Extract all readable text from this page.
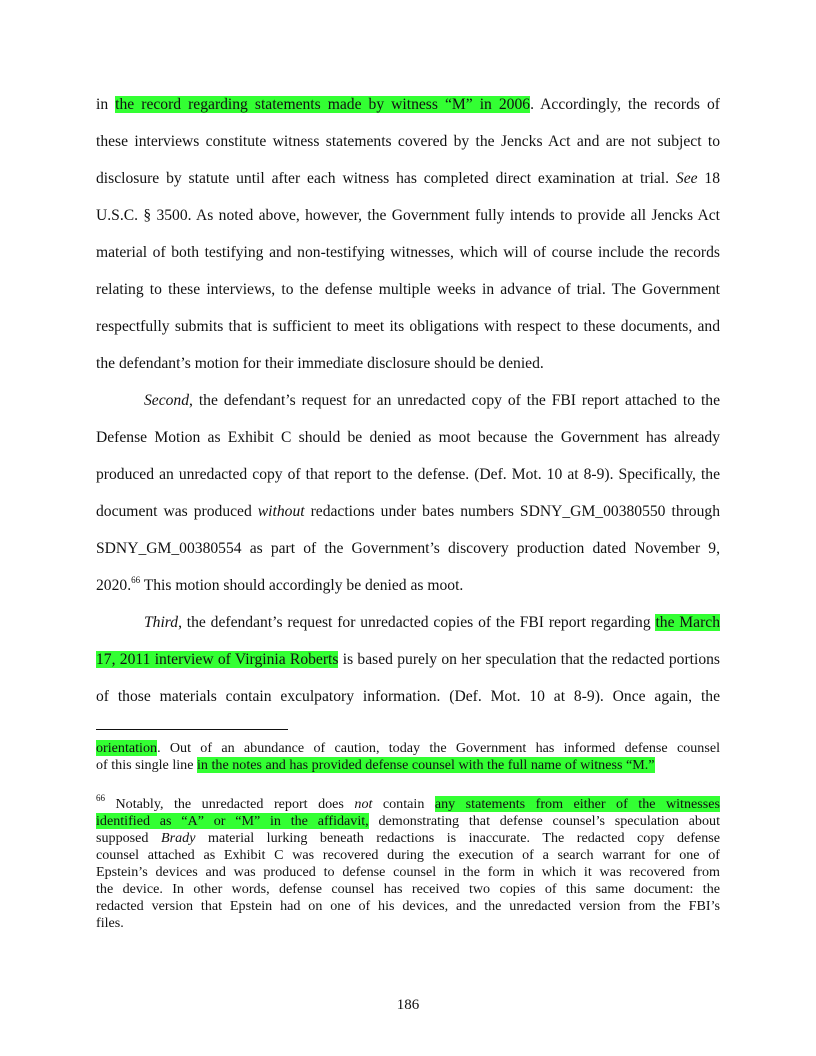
in the record regarding statements made by witness “M” in 2006. Accordingly, the records of
these interviews constitute witness statements covered by the Jencks Act and are not subject to
disclosure by statute until after each witness has completed direct examination at trial. See 18
U.S.C. § 3500. As noted above, however, the Government fully intends to provide all Jencks Act
material of both testifying and non-testifying witnesses, which will of course include the records
relating to these interviews, to the defense multiple weeks in advance of trial. The Government
respectfully submits that is sufficient to meet its obligations with respect to these documents, and
the defendant’s motion for their immediate disclosure should be denied.
Second, the defendant’s request for an unredacted copy of the FBI report attached to the
Defense Motion as Exhibit C should be denied as moot because the Government has already
produced an unredacted copy of that report to the defense. (Def. Mot. 10 at 8-9). Specifically, the
document was produced without redactions under bates numbers SDNY_GM_00380550 through
SDNY_GM_00380554 as part of the Government’s discovery production dated November 9,
2020.66 This motion should accordingly be denied as moot.
Third, the defendant’s request for unredacted copies of the FBI report regarding the March
17, 2011 interview of Virginia Roberts is based purely on her speculation that the redacted portions
of those materials contain exculpatory information. (Def. Mot. 10 at 8-9). Once again, the
orientation. Out of an abundance of caution, today the Government has informed defense counsel
of this single line in the notes and has provided defense counsel with the full name of witness “M.”
$^{66}$ Notably, the unredacted report does not contain any statements from either of the witnesses
identified as “A” or “M” in the affidavit, demonstrating that defense counsel’s speculation about
supposed Brady material lurking beneath redactions is inaccurate. The redacted copy defense
counsel attached as Exhibit C was recovered during the execution of a search warrant for one of
Epstein’s devices and was produced to defense counsel in the form in which it was recovered from
the device. In other words, defense counsel has received two copies of this same document: the
redacted version that Epstein had on one of his devices, and the unredacted version from the FBI’s
files.
186
